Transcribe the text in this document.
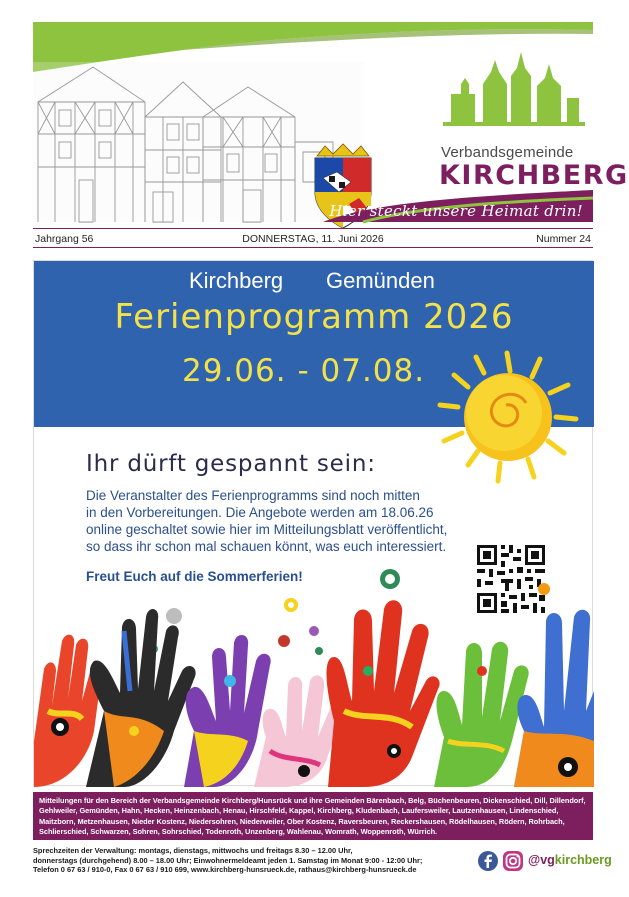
Verbandsgemeinde
KIRCHBERG
Hier steckt unsere Heimat drin!
Jahrgang 56	DONNERSTAG, 11. Juni 2026	Nummer 24
Kirchberg Gemünden
Ferienprogramm 2026
29.06. - 07.08.
Ihr dürft gespannt sein:

Die Veranstalter des Ferienprogramms sind noch mitten

in den Vorbereitungen. Die Angebote werden am 18.06.26

online geschaltet sowie hier im Mitteilungsblatt veröffentlicht,

so dass ihr schon mal schauen könnt, was euch interessiert.

Freut Euch auf die Sommerferien!
Mitteilungen für den Bereich der Verbandsgemeinde Kirchberg/Hunsrück und ihre Gemeinden Bärenbach, Belg, Büchenbeuren, Dickenschied, Dill, Dillendorf, Gehlweiler, Gemünden, Hahn, Hecken, Heinzenbach, Henau, Hirschfeld, Kappel, Kirchberg, Kludenbach, Laufersweiler, Lautzenhausen, Lindenschied, Maitzborn, Metzenhausen, Nieder Kostenz, Niedersohren, Niederweiler, Ober Kostenz, Raversbeuren, Reckershausen, Rödelhausen, Rödern, Rohrbach, Schlierschied, Schwarzen, Sohren, Sohrschied, Todenroth, Unzenberg, Wahlenau, Womrath, Woppenroth, Würrich.
Sprechzeiten der Verwaltung: montags, dienstags, mittwochs und freitags 8.30 – 12.00 Uhr,
donnerstags (durchgehend) 8.00 – 18.00 Uhr; Einwohnermeldeamt jeden 1. Samstag im Monat 9:00 - 12:00 Uhr;
Telefon 0 67 63 / 910-0, Fax 0 67 63 / 910 699, www.kirchberg-hunsrueck.de, rathaus@kirchberg-hunsrueck.de
@vgkirchberg
